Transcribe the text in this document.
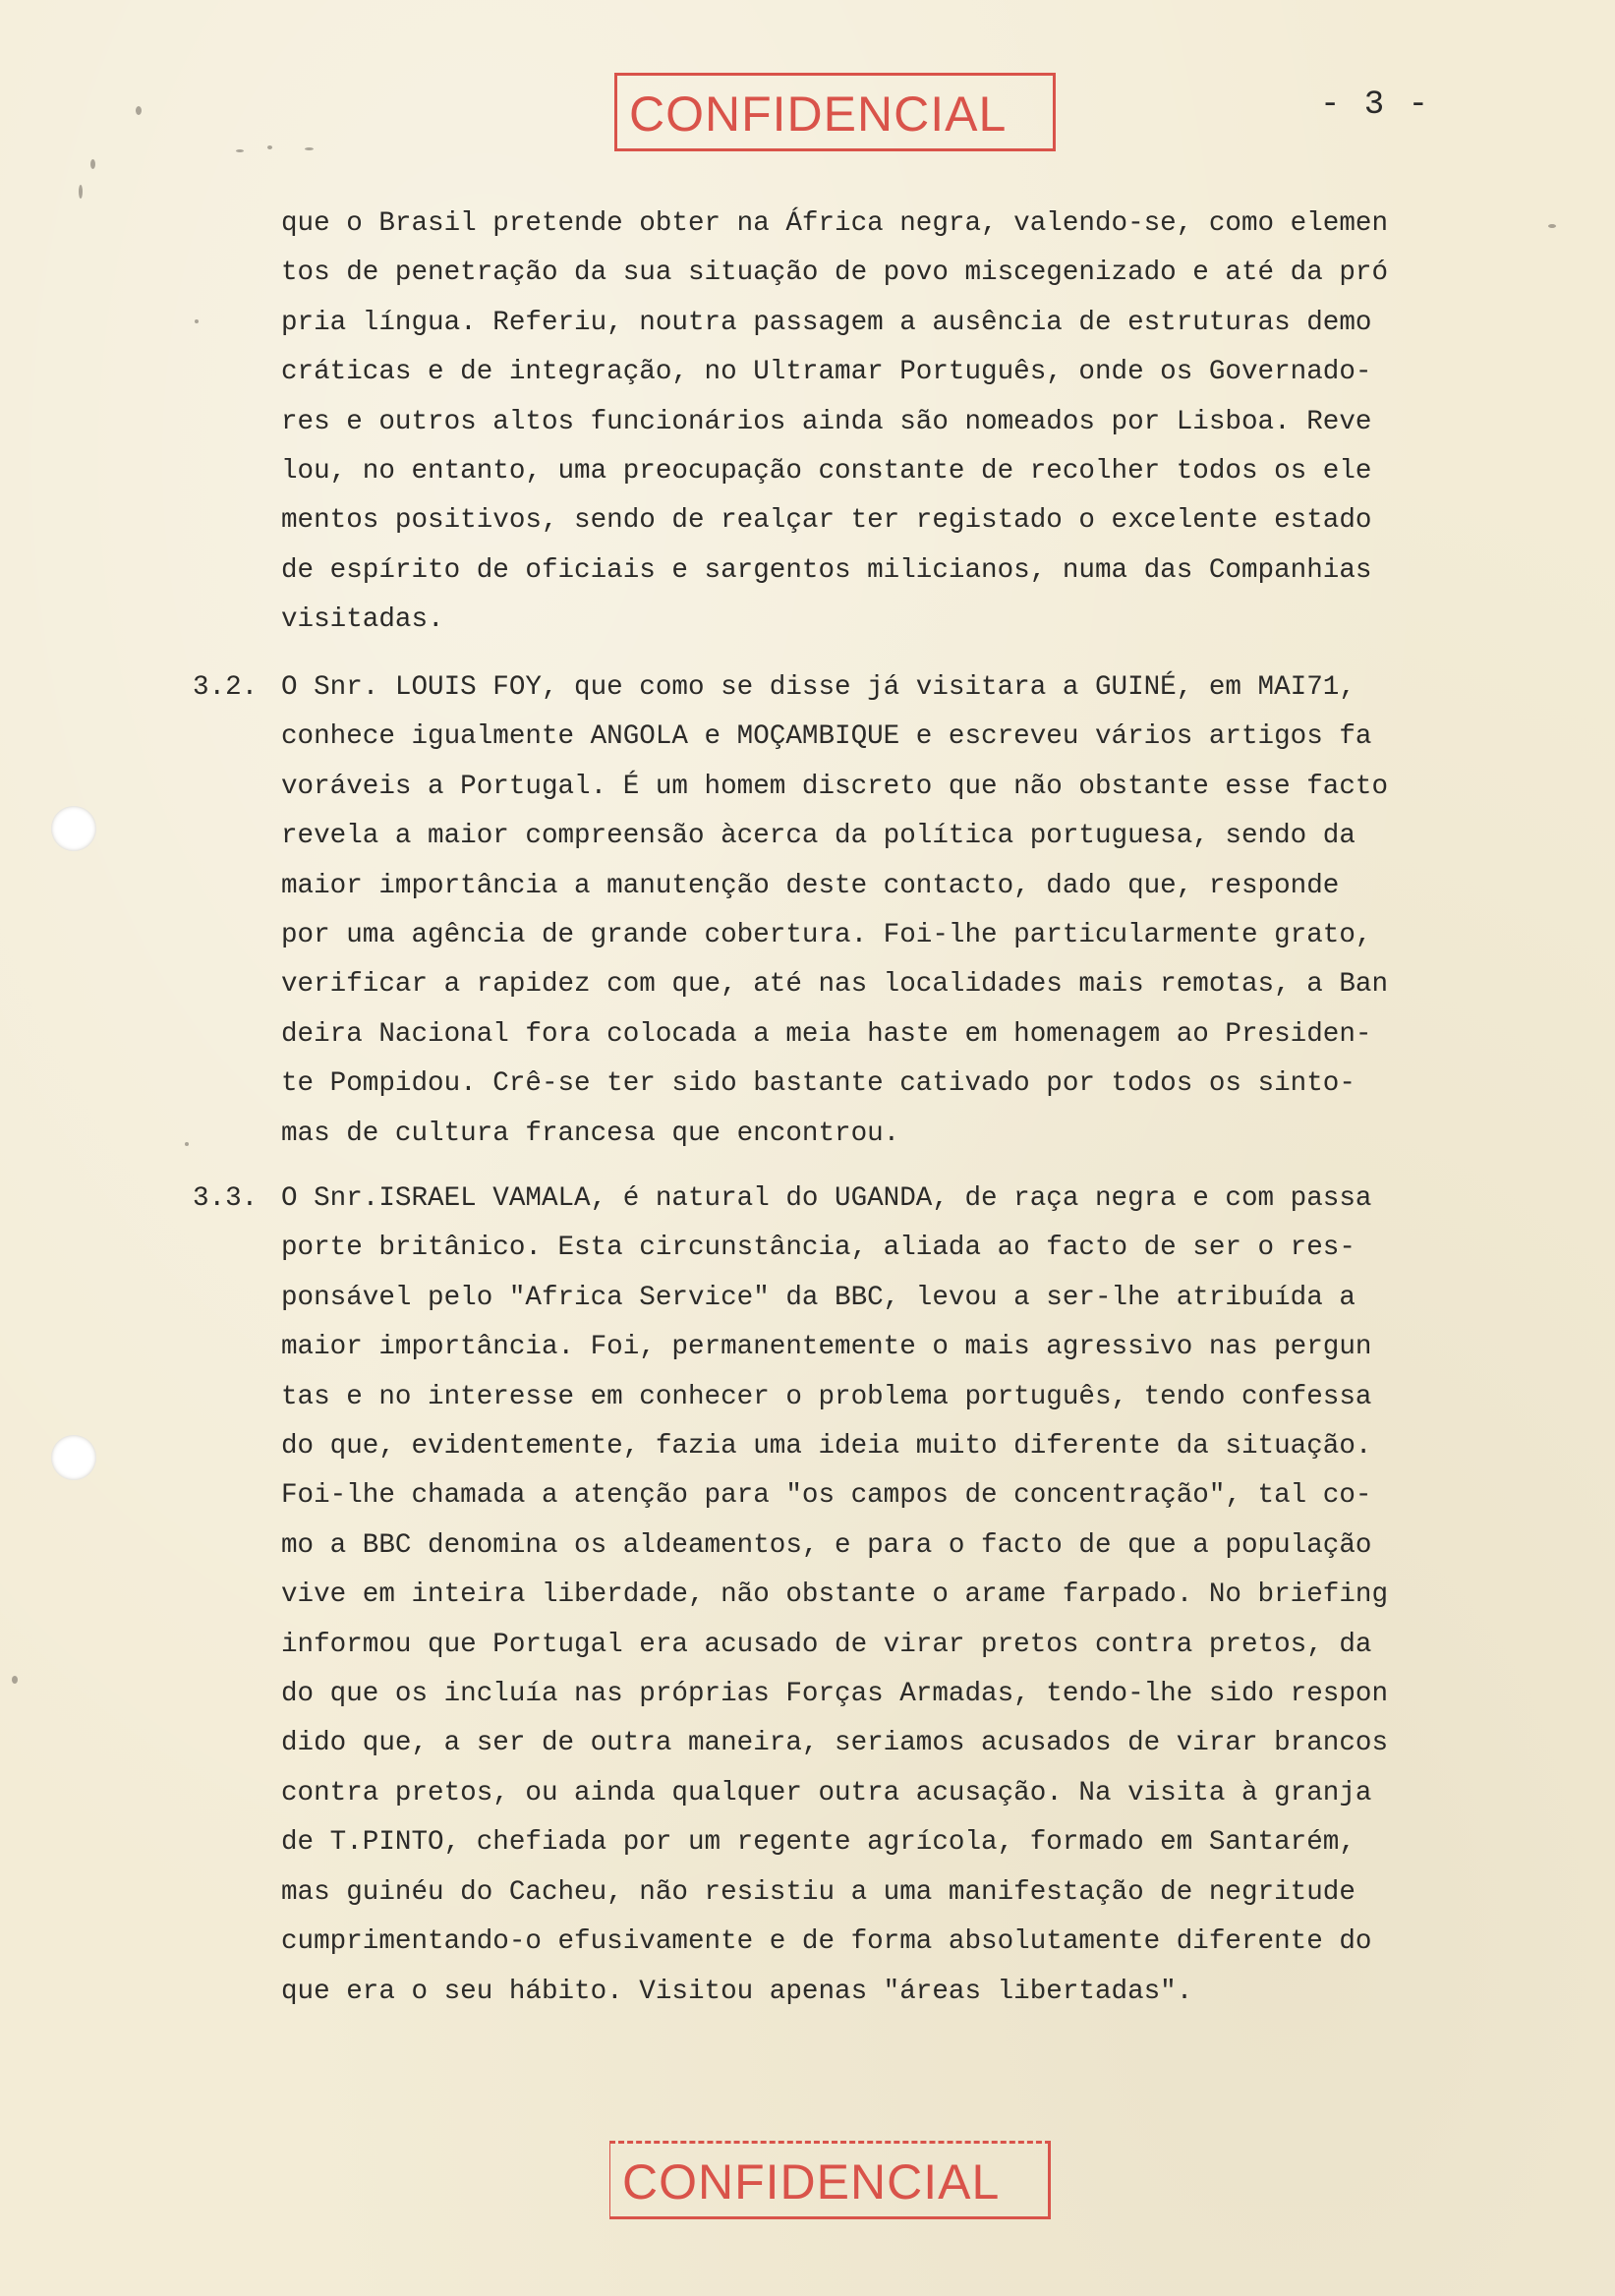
CONFIDENCIAL	- 3 -
que o Brasil pretende obter na África negra, valendo-se, como elemen
tos de penetração da sua situação de povo miscegenizado e até da pró
pria língua. Referiu, noutra passagem a ausência de estruturas demo
cráticas e de integração, no Ultramar Português, onde os Governado-
res e outros altos funcionários ainda são nomeados por Lisboa. Reve
lou, no entanto, uma preocupação constante de recolher todos os ele
mentos positivos, sendo de realçar ter registado o excelente estado
de espírito de oficiais e sargentos milicianos, numa das Companhias
visitadas.
3.2. O Snr. LOUIS FOY, que como se disse já visitara a GUINÉ, em MAI71,
conhece igualmente ANGOLA e MOÇAMBIQUE e escreveu vários artigos fa
voráveis a Portugal. É um homem discreto que não obstante esse facto
revela a maior compreensão àcerca da política portuguesa, sendo da
maior importância a manutenção deste contacto, dado que, responde
por uma agência de grande cobertura. Foi-lhe particularmente grato,
verificar a rapidez com que, até nas localidades mais remotas, a Ban
deira Nacional fora colocada a meia haste em homenagem ao Presiden-
te Pompidou. Crê-se ter sido bastante cativado por todos os sinto-
mas de cultura francesa que encontrou.
3.3. O Snr.ISRAEL VAMALA, é natural do UGANDA, de raça negra e com passa
porte britânico. Esta circunstância, aliada ao facto de ser o res-
ponsável pelo "Africa Service" da BBC, levou a ser-lhe atribuída a
maior importância. Foi, permanentemente o mais agressivo nas pergun
tas e no interesse em conhecer o problema português, tendo confessa
do que, evidentemente, fazia uma ideia muito diferente da situação.
Foi-lhe chamada a atenção para "os campos de concentração", tal co-
mo a BBC denomina os aldeamentos, e para o facto de que a população
vive em inteira liberdade, não obstante o arame farpado. No briefing
informou que Portugal era acusado de virar pretos contra pretos, da
do que os incluía nas próprias Forças Armadas, tendo-lhe sido respon
dido que, a ser de outra maneira, seriamos acusados de virar brancos
contra pretos, ou ainda qualquer outra acusação. Na visita à granja
de T.PINTO, chefiada por um regente agrícola, formado em Santarém,
mas guinéu do Cacheu, não resistiu a uma manifestação de negritude
cumprimentando-o efusivamente e de forma absolutamente diferente do
que era o seu hábito. Visitou apenas "áreas libertadas".
CONFIDENCIAL
